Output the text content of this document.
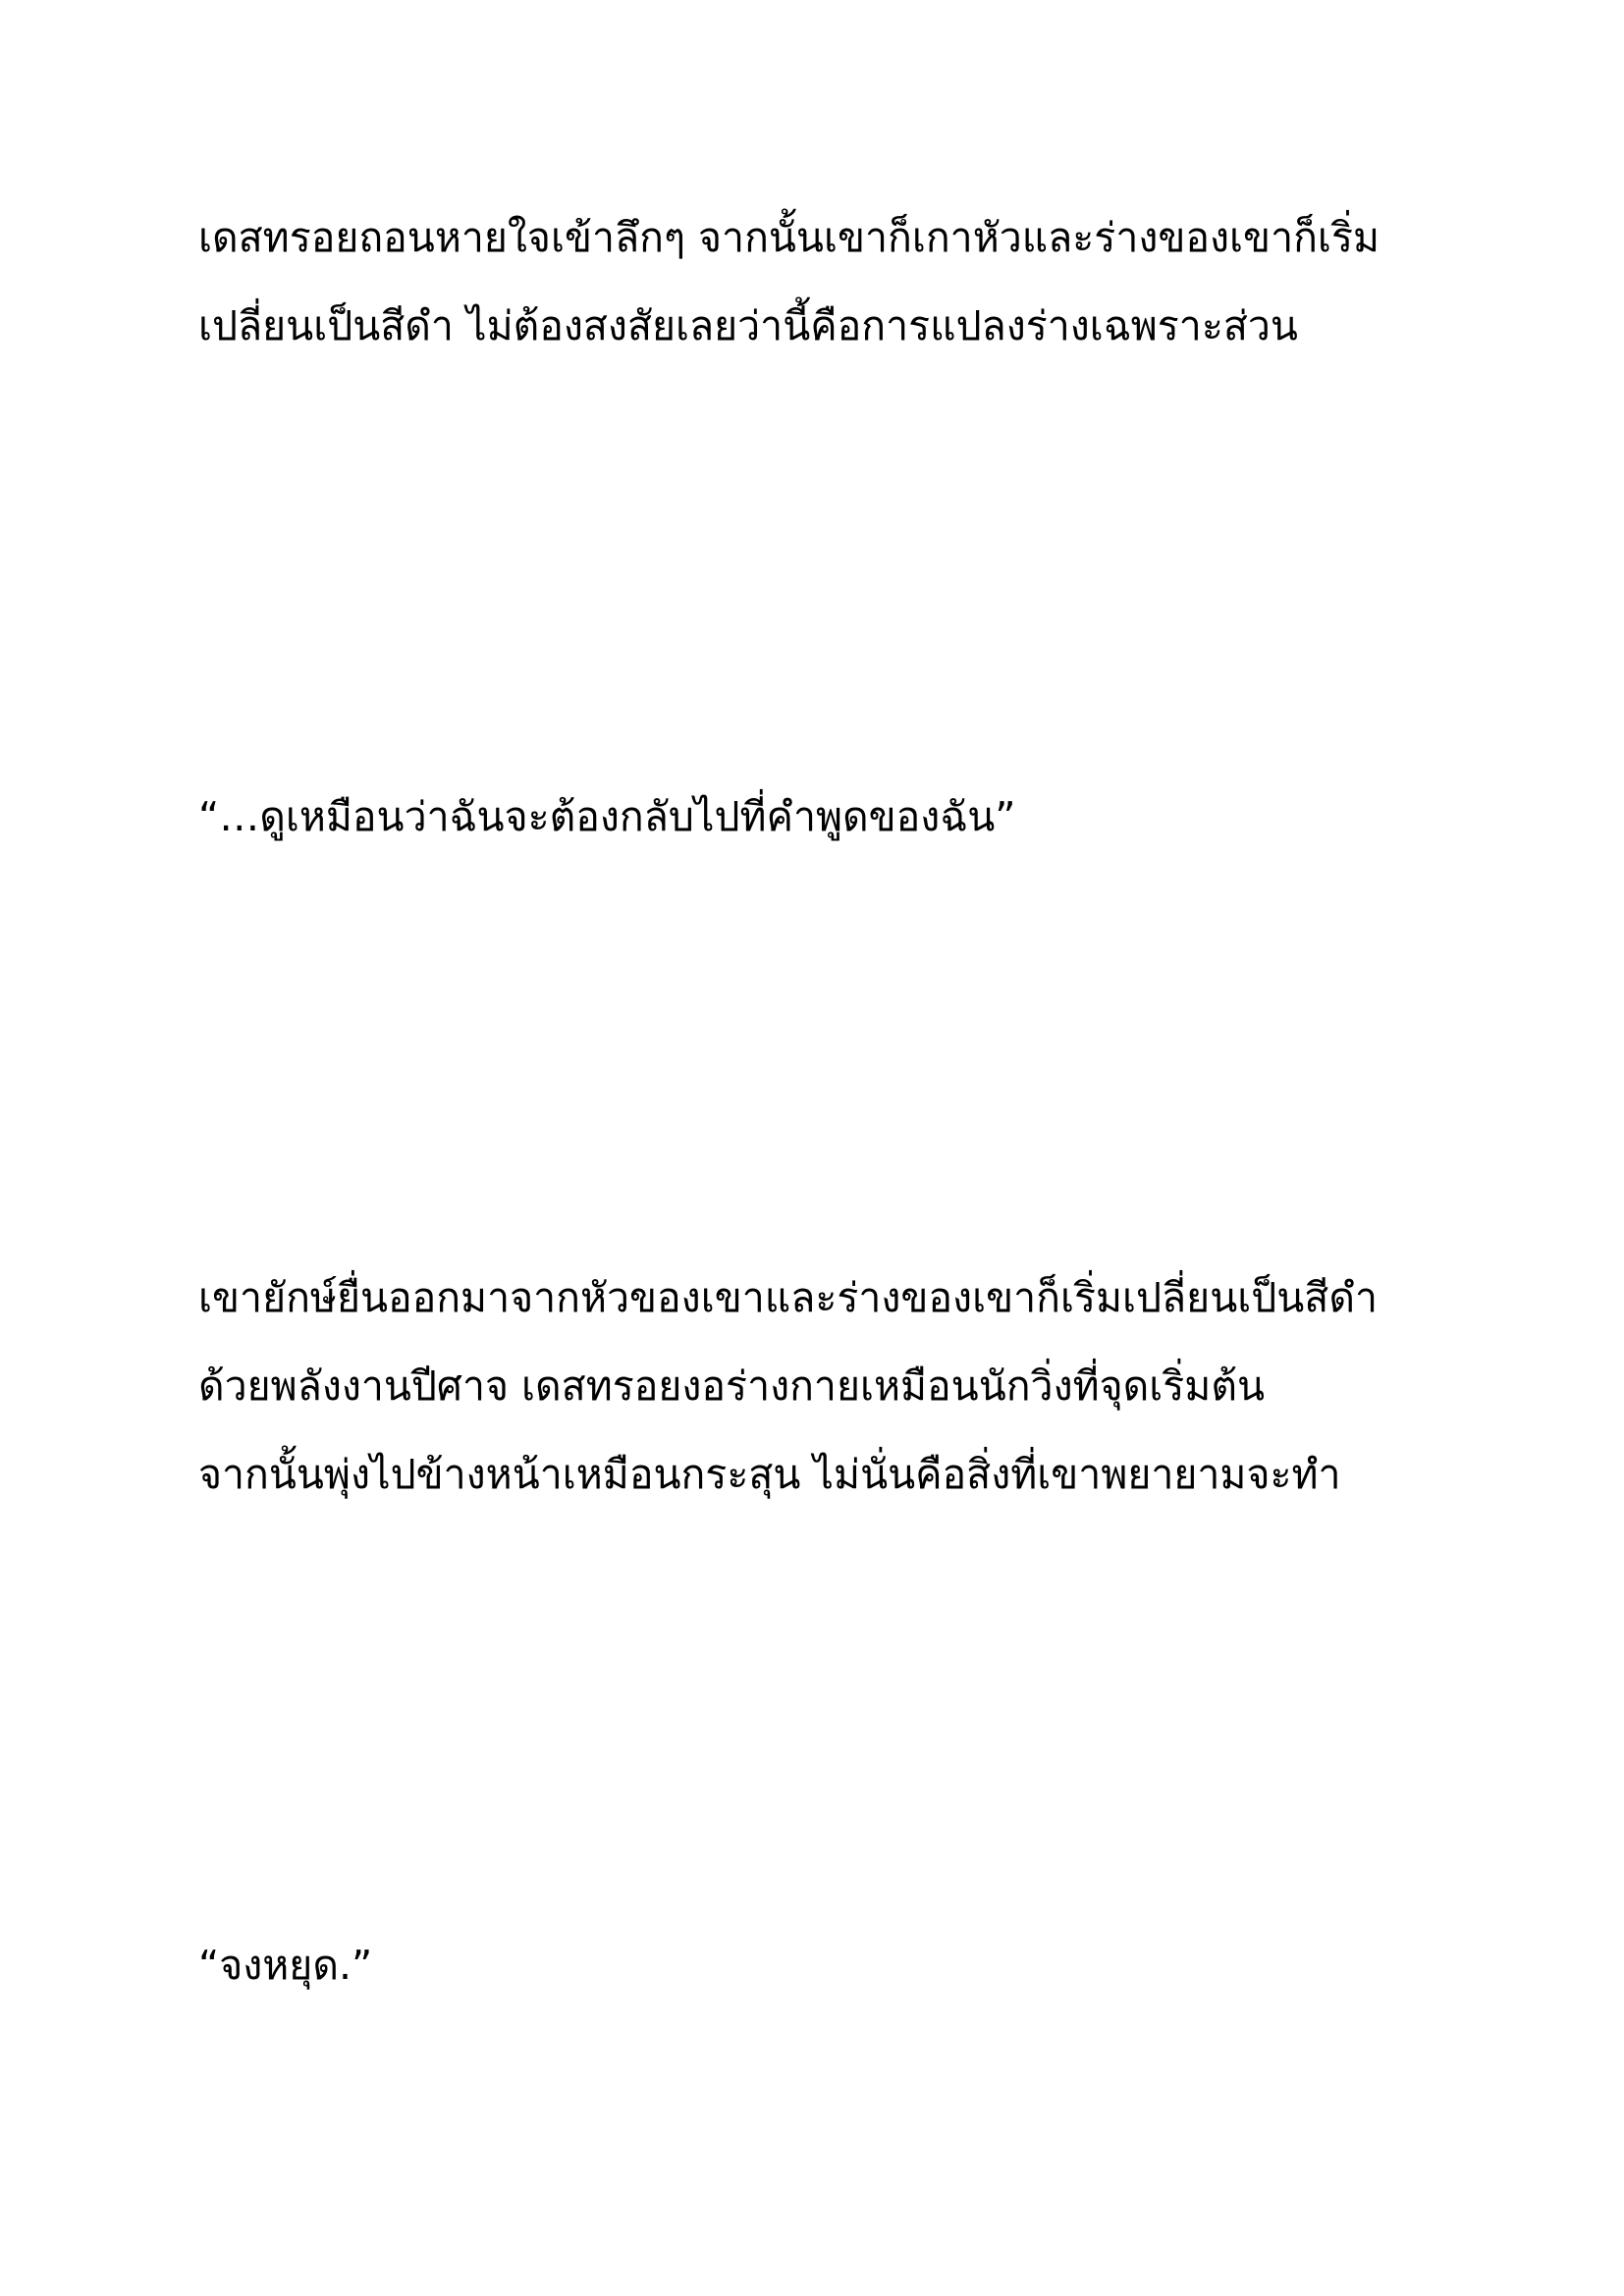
เดสทรอยถอนหายใจเข้าลึกๆ จากนั้นเขาก็เกาหัวและร่างของเขาก็เริ่ม

เปลี่ยนเป็นสีดำ ไม่ต้องสงสัยเลยว่านี้คือการแปลงร่างเฉพราะส่วน

“…ดูเหมือนว่าฉันจะต้องกลับไปที่คำพูดของฉัน”

เขายักษ์ยื่นออกมาจากหัวของเขาและร่างของเขาก็เริ่มเปลี่ยนเป็นสีดำ

ด้วยพลังงานปีศาจ เดสทรอยงอร่างกายเหมือนนักวิ่งที่จุดเริ่มต้น

จากนั้นพุ่งไปข้างหน้าเหมือนกระสุน ไม่นั่นคือสิ่งที่เขาพยายามจะทำ

“จงหยุด.”
